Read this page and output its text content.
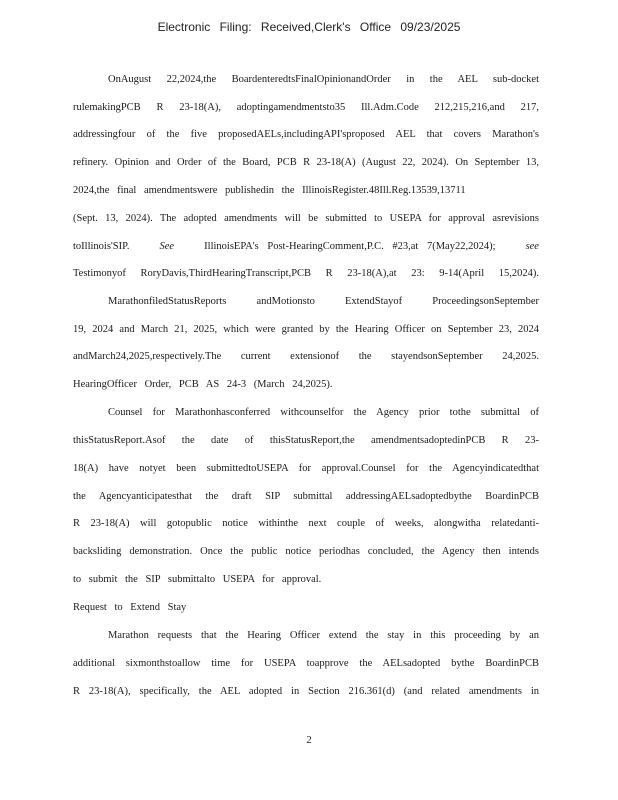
Electronic Filing: Received,Clerk's Office 09/23/2025
OnAugust 22,2024,the BoardenteredtsFinalOpinionandOrder in the AEL sub-docket
rulemakingPCB R 23-18(A), adoptingamendmentsto35 Ill.Adm.Code 212,215,216,and 217,
addressingfour of the five proposedAELs,includingAPI'sproposed AEL that covers Marathon's
refinery. Opinion and Order of the Board, PCB R 23-18(A) (August 22, 2024). On September 13,
2024,the final amendmentswere publishedin the IllinoisRegister.48Ill.Reg.13539,13711
(Sept. 13, 2024). The adopted amendments will be submitted to USEPA for approval asrevisions
toIllinois'SIP.	See	IllinoisEPA's Post-HearingComment,P.C. #23,at 7(May22,2024);	see
Testimonyof RoryDavis,ThirdHearingTranscript,PCB R 23-18(A),at 23: 9-14(April 15,2024).
MarathonfiledStatusReports andMotionsto ExtendStayof ProceedingsonSeptember
19, 2024 and March 21, 2025, which were granted by the Hearing Officer on September 23, 2024
andMarch24,2025,respectively.The current extensionof the stayendsonSeptember 24,2025.
HearingOfficer Order, PCB AS 24-3 (March 24,2025).
Counsel for Marathonhasconferred withcounselfor the Agency prior tothe submittal of
thisStatusReport.Asof the date of thisStatusReport,the amendmentsadoptedinPCB R 23-
18(A) have notyet been submittedtoUSEPA for approval.Counsel for the Agencyindicatedthat
the Agencyanticipatesthat the draft SIP submittal addressingAELsadoptedbythe BoardinPCB
R 23-18(A) will gotopublic notice withinthe next couple of weeks, alongwitha relatedanti-
backsliding demonstration. Once the public notice periodhas concluded, the Agency then intends
to submit the SIP submittalto USEPA for approval.
Request to Extend Stay
Marathon requests that the Hearing Officer extend the stay in this proceeding by an
additional sixmonthstoallow time for USEPA toapprove the AELsadopted bythe BoardinPCB
R 23-18(A), specifically, the AEL adopted in Section 216.361(d) (and related amendments in
2
